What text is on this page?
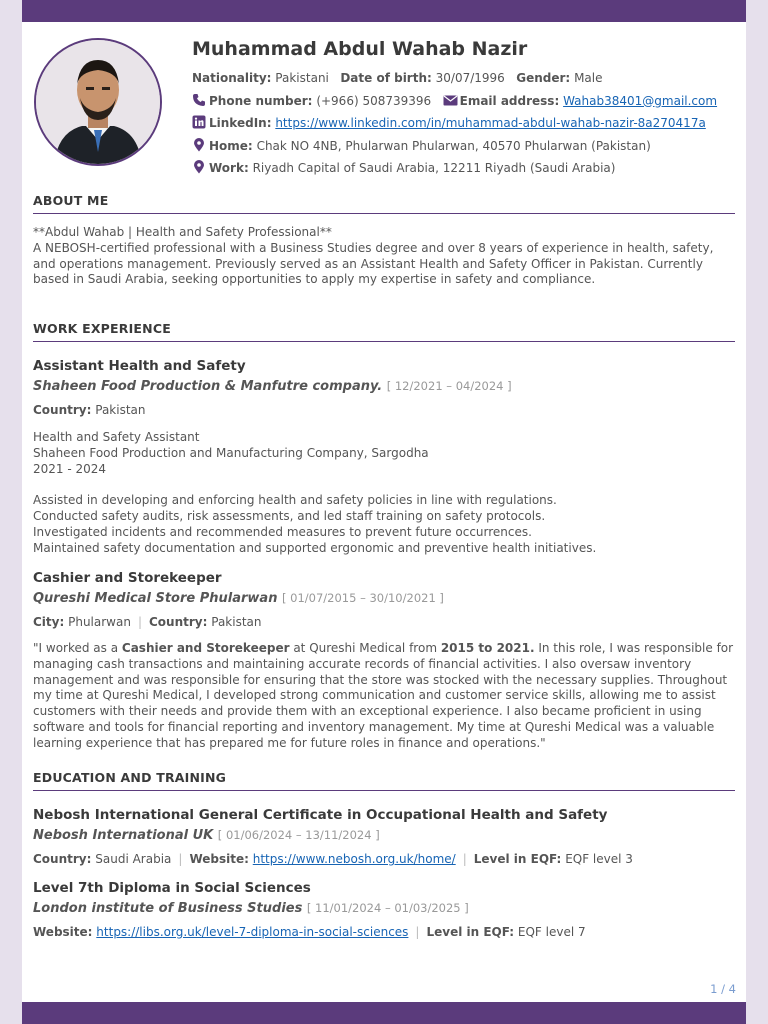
Muhammad Abdul Wahab Nazir
Nationality: Pakistani Date of birth: 30/07/1996 Gender: Male
Phone number: (+966) 508739396 Email address: Wahab38401@gmail.com
LinkedIn: https://www.linkedin.com/in/muhammad-abdul-wahab-nazir-8a270417a
Home: Chak NO 4NB, Phularwan Phularwan, 40570 Phularwan (Pakistan)
Work: Riyadh Capital of Saudi Arabia, 12211 Riyadh (Saudi Arabia)
ABOUT ME
**Abdul Wahab | Health and Safety Professional**
A NEBOSH-certified professional with a Business Studies degree and over 8 years of experience in health, safety, and operations management. Previously served as an Assistant Health and Safety Officer in Pakistan. Currently based in Saudi Arabia, seeking opportunities to apply my expertise in safety and compliance.
WORK EXPERIENCE
Assistant Health and Safety
Shaheen Food Production & Manfutre company. [ 12/2021 – 04/2024 ]
Country: Pakistan
Health and Safety Assistant
Shaheen Food Production and Manufacturing Company, Sargodha
2021 - 2024
Assisted in developing and enforcing health and safety policies in line with regulations.
Conducted safety audits, risk assessments, and led staff training on safety protocols.
Investigated incidents and recommended measures to prevent future occurrences.
Maintained safety documentation and supported ergonomic and preventive health initiatives.
Cashier and Storekeeper
Qureshi Medical Store Phularwan [ 01/07/2015 – 30/10/2021 ]
City: Phularwan | Country: Pakistan
"I worked as a Cashier and Storekeeper at Qureshi Medical from 2015 to 2021. In this role, I was responsible for managing cash transactions and maintaining accurate records of financial activities. I also oversaw inventory management and was responsible for ensuring that the store was stocked with the necessary supplies. Throughout my time at Qureshi Medical, I developed strong communication and customer service skills, allowing me to assist customers with their needs and provide them with an exceptional experience. I also became proficient in using software and tools for financial reporting and inventory management. My time at Qureshi Medical was a valuable learning experience that has prepared me for future roles in finance and operations."
EDUCATION AND TRAINING
Nebosh International General Certificate in Occupational Health and Safety
Nebosh International UK [ 01/06/2024 – 13/11/2024 ]
Country: Saudi Arabia | Website: https://www.nebosh.org.uk/home/ | Level in EQF: EQF level 3
Level 7th Diploma in Social Sciences
London institute of Business Studies [ 11/01/2024 – 01/03/2025 ]
Website: https://libs.org.uk/level-7-diploma-in-social-sciences | Level in EQF: EQF level 7
1 / 4
